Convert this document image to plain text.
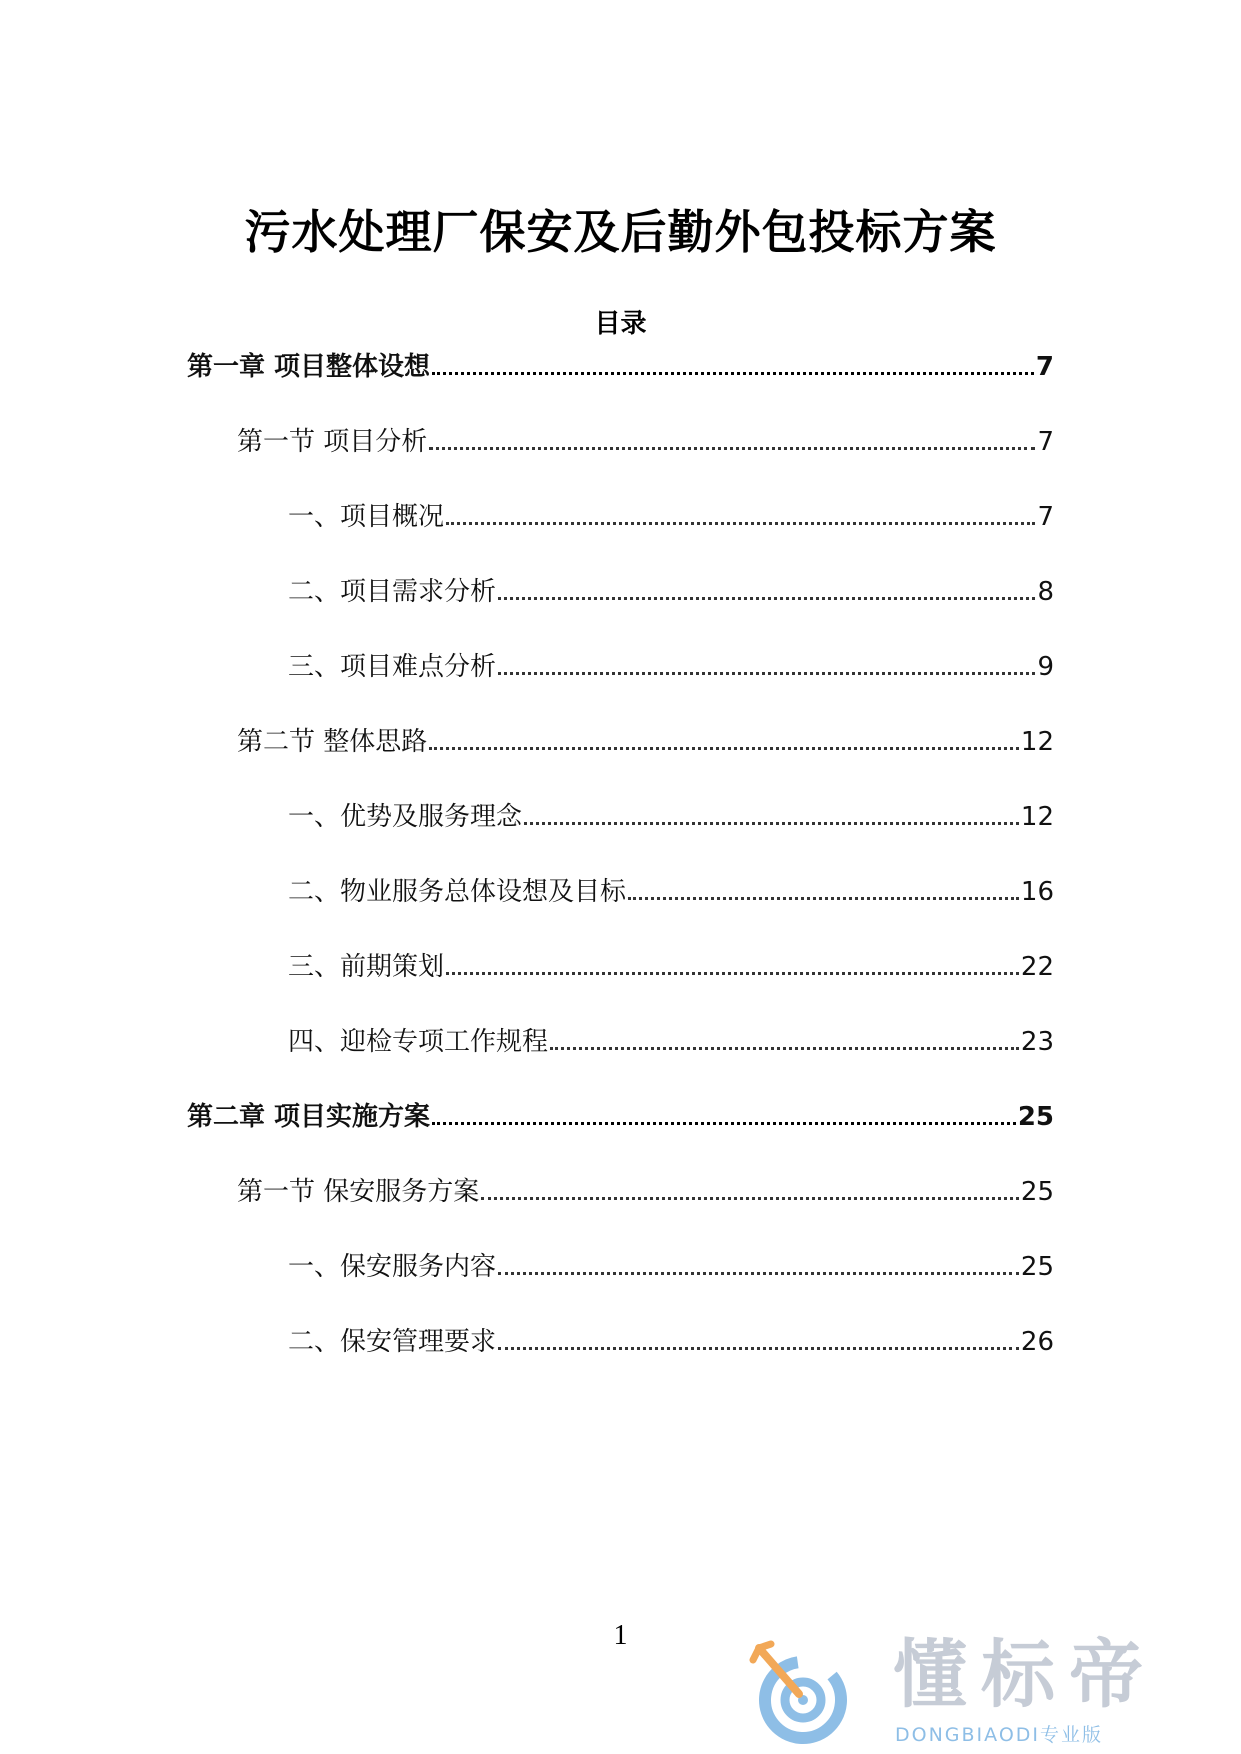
污水处理厂保安及后勤外包投标方案
目录
第一章 项目整体设想	7
第一节 项目分析	7
一、项目概况	7
二、项目需求分析	8
三、项目难点分析	9
第二节 整体思路	12
一、优势及服务理念	12
二、物业服务总体设想及目标	16
三、前期策划	22
四、迎检专项工作规程	23
第二章 项目实施方案	25
第一节 保安服务方案	25
一、保安服务内容	25
二、保安管理要求	26
1	懂标帝
DONGBIAODI专业版
